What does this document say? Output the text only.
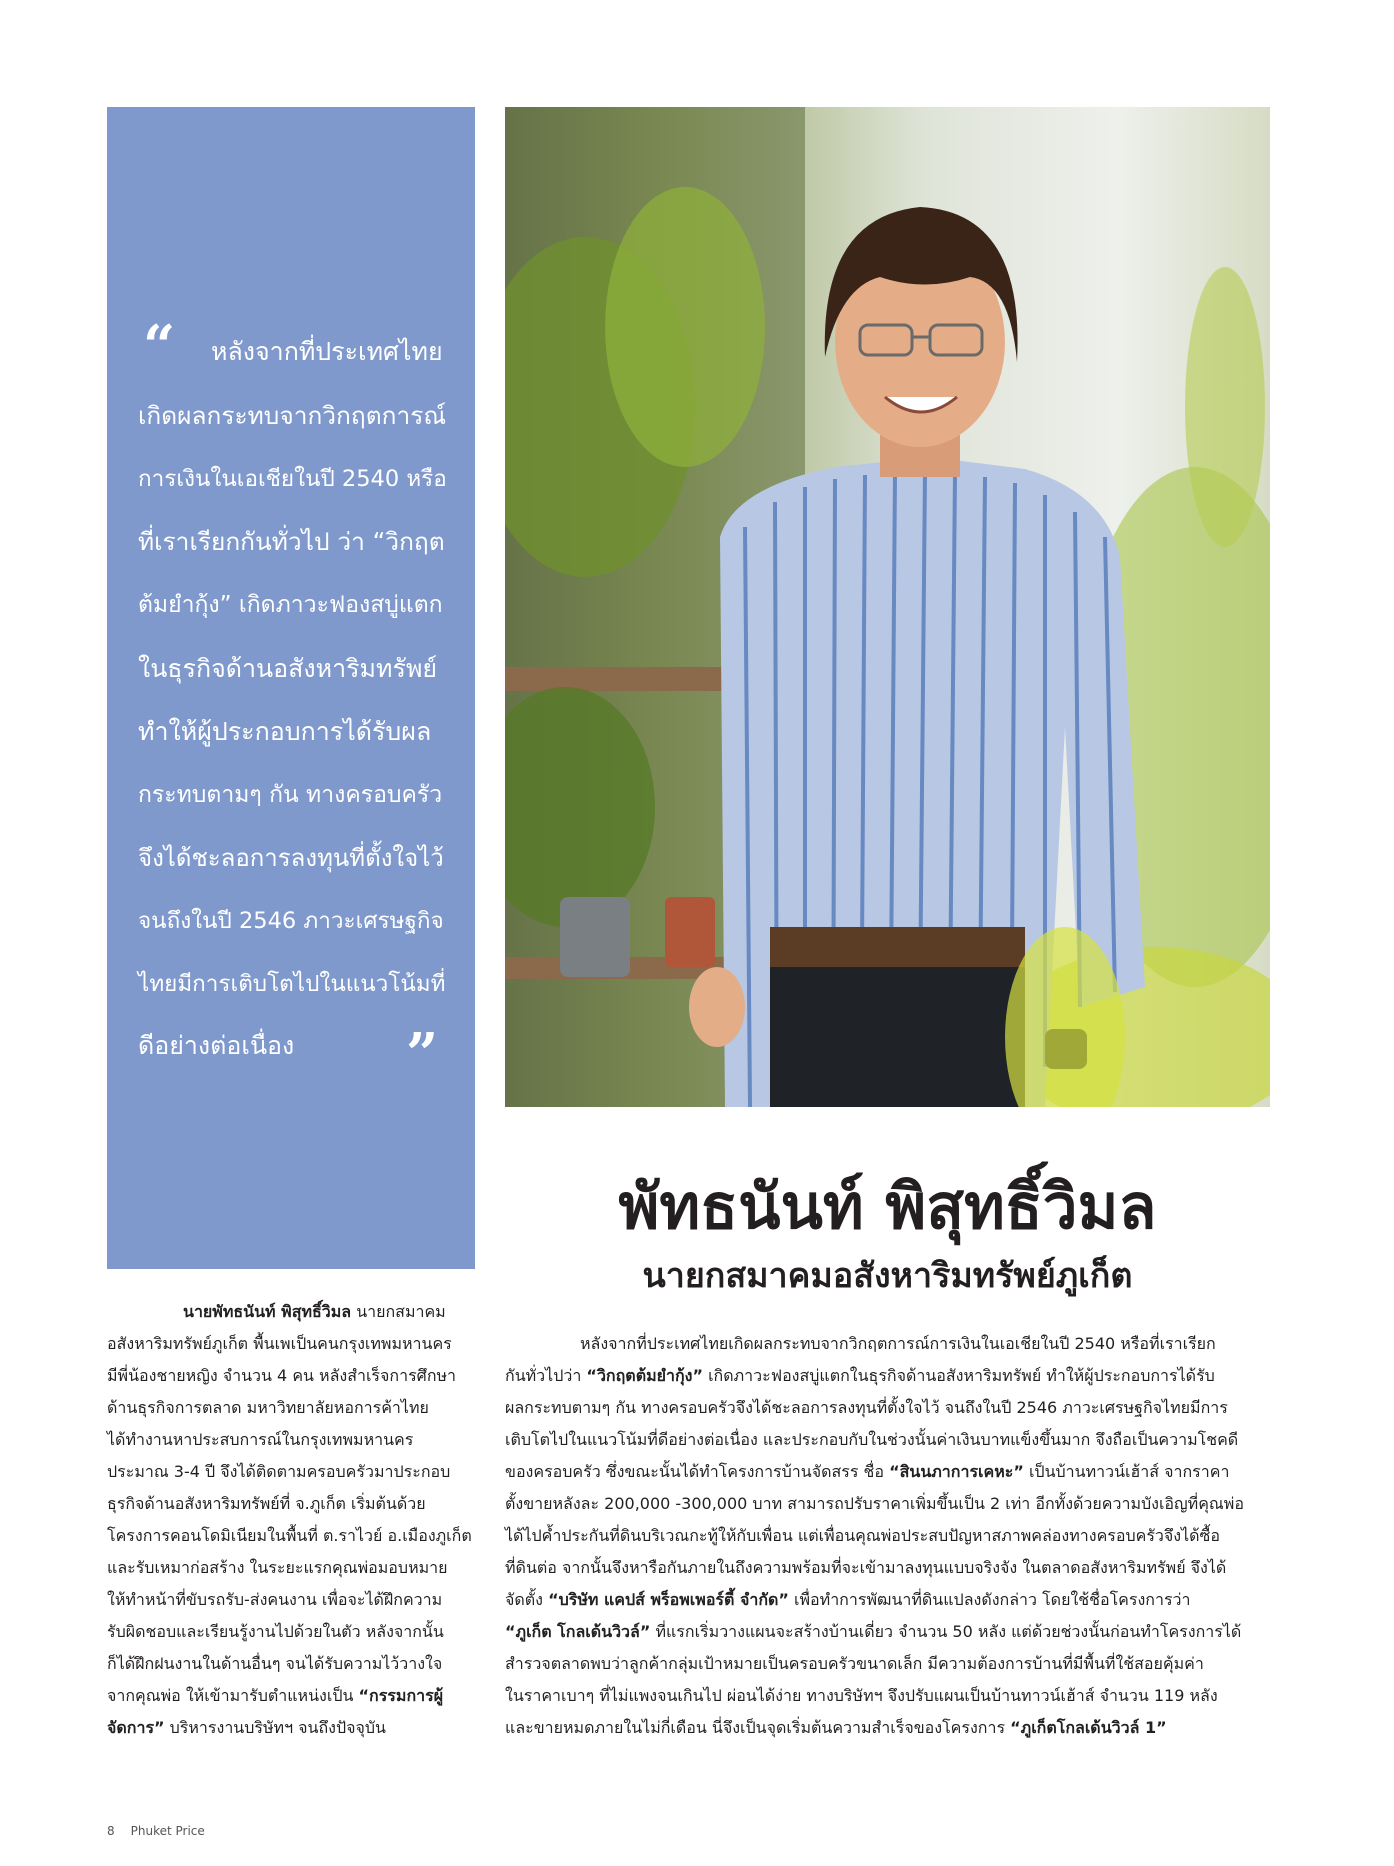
“
”
หลังจากที่ประเทศไทย
เกิดผลกระทบจากวิกฤตการณ์
การเงินในเอเชียในปี 2540 หรือ
ที่เราเรียกกันทั่วไป ว่า “วิกฤต
ต้มยำกุ้ง” เกิดภาวะฟองสบู่แตก
ในธุรกิจด้านอสังหาริมทรัพย์
ทำให้ผู้ประกอบการได้รับผล
กระทบตามๆ กัน ทางครอบครัว
จึงได้ชะลอการลงทุนที่ตั้งใจไว้
จนถึงในปี 2546 ภาวะเศรษฐกิจ
ไทยมีการเติบโตไปในแนวโน้มที่
ดีอย่างต่อเนื่อง
พัทธนันท์ พิสุทธิ์วิมล
นายกสมาคมอสังหาริมทรัพย์ภูเก็ต
นายพัทธนันท์ พิสุทธิ์วิมล นายกสมาคม
อสังหาริมทรัพย์ภูเก็ต พื้นเพเป็นคนกรุงเทพมหานคร
มีพี่น้องชายหญิง จำนวน 4 คน หลังสำเร็จการศึกษา
ด้านธุรกิจการตลาด มหาวิทยาลัยหอการค้าไทย
ได้ทำงานหาประสบการณ์ในกรุงเทพมหานคร
ประมาณ 3-4 ปี จึงได้ติดตามครอบครัวมาประกอบ
ธุรกิจด้านอสังหาริมทรัพย์ที่ จ.ภูเก็ต เริ่มต้นด้วย
โครงการคอนโดมิเนียมในพื้นที่ ต.ราไวย์ อ.เมืองภูเก็ต
และรับเหมาก่อสร้าง ในระยะแรกคุณพ่อมอบหมาย
ให้ทำหน้าที่ขับรถรับ-ส่งคนงาน เพื่อจะได้ฝึกความ
รับผิดชอบและเรียนรู้งานไปด้วยในตัว หลังจากนั้น
ก็ได้ฝึกฝนงานในด้านอื่นๆ จนได้รับความไว้วางใจ
จากคุณพ่อ ให้เข้ามารับตำแหน่งเป็น “กรรมการผู้
จัดการ” บริหารงานบริษัทฯ จนถึงปัจจุบัน
หลังจากที่ประเทศไทยเกิดผลกระทบจากวิกฤตการณ์การเงินในเอเชียในปี 2540 หรือที่เราเรียก
กันทั่วไปว่า “วิกฤตต้มยำกุ้ง” เกิดภาวะฟองสบู่แตกในธุรกิจด้านอสังหาริมทรัพย์ ทำให้ผู้ประกอบการได้รับ
ผลกระทบตามๆ กัน ทางครอบครัวจึงได้ชะลอการลงทุนที่ตั้งใจไว้ จนถึงในปี 2546 ภาวะเศรษฐกิจไทยมีการ
เติบโตไปในแนวโน้มที่ดีอย่างต่อเนื่อง และประกอบกับในช่วงนั้นค่าเงินบาทแข็งขึ้นมาก จึงถือเป็นความโชคดี
ของครอบครัว ซึ่งขณะนั้นได้ทำโครงการบ้านจัดสรร ชื่อ “สินนภาการเคหะ” เป็นบ้านทาวน์เฮ้าส์ จากราคา
ตั้งขายหลังละ 200,000 -300,000 บาท สามารถปรับราคาเพิ่มขึ้นเป็น 2 เท่า อีกทั้งด้วยความบังเอิญที่คุณพ่อ
ได้ไปค้ำประกันที่ดินบริเวณกะทู้ให้กับเพื่อน แต่เพื่อนคุณพ่อประสบปัญหาสภาพคล่องทางครอบครัวจึงได้ซื้อ
ที่ดินต่อ จากนั้นจึงหารือกันภายในถึงความพร้อมที่จะเข้ามาลงทุนแบบจริงจัง ในตลาดอสังหาริมทรัพย์ จึงได้
จัดตั้ง “บริษัท แคปส์ พร็อพเพอร์ตี้ จำกัด” เพื่อทำการพัฒนาที่ดินแปลงดังกล่าว โดยใช้ชื่อโครงการว่า
“ภูเก็ต โกลเด้นวิวล์” ที่แรกเริ่มวางแผนจะสร้างบ้านเดี่ยว จำนวน 50 หลัง แต่ด้วยช่วงนั้นก่อนทำโครงการได้
สำรวจตลาดพบว่าลูกค้ากลุ่มเป้าหมายเป็นครอบครัวขนาดเล็ก มีความต้องการบ้านที่มีพื้นที่ใช้สอยคุ้มค่า
ในราคาเบาๆ ที่ไม่แพงจนเกินไป ผ่อนได้ง่าย ทางบริษัทฯ จึงปรับแผนเป็นบ้านทาวน์เฮ้าส์ จำนวน 119 หลัง
และขายหมดภายในไม่กี่เดือน นี่จึงเป็นจุดเริ่มต้นความสำเร็จของโครงการ “ภูเก็ตโกลเด้นวิวล์ 1”
8 Phuket Price
